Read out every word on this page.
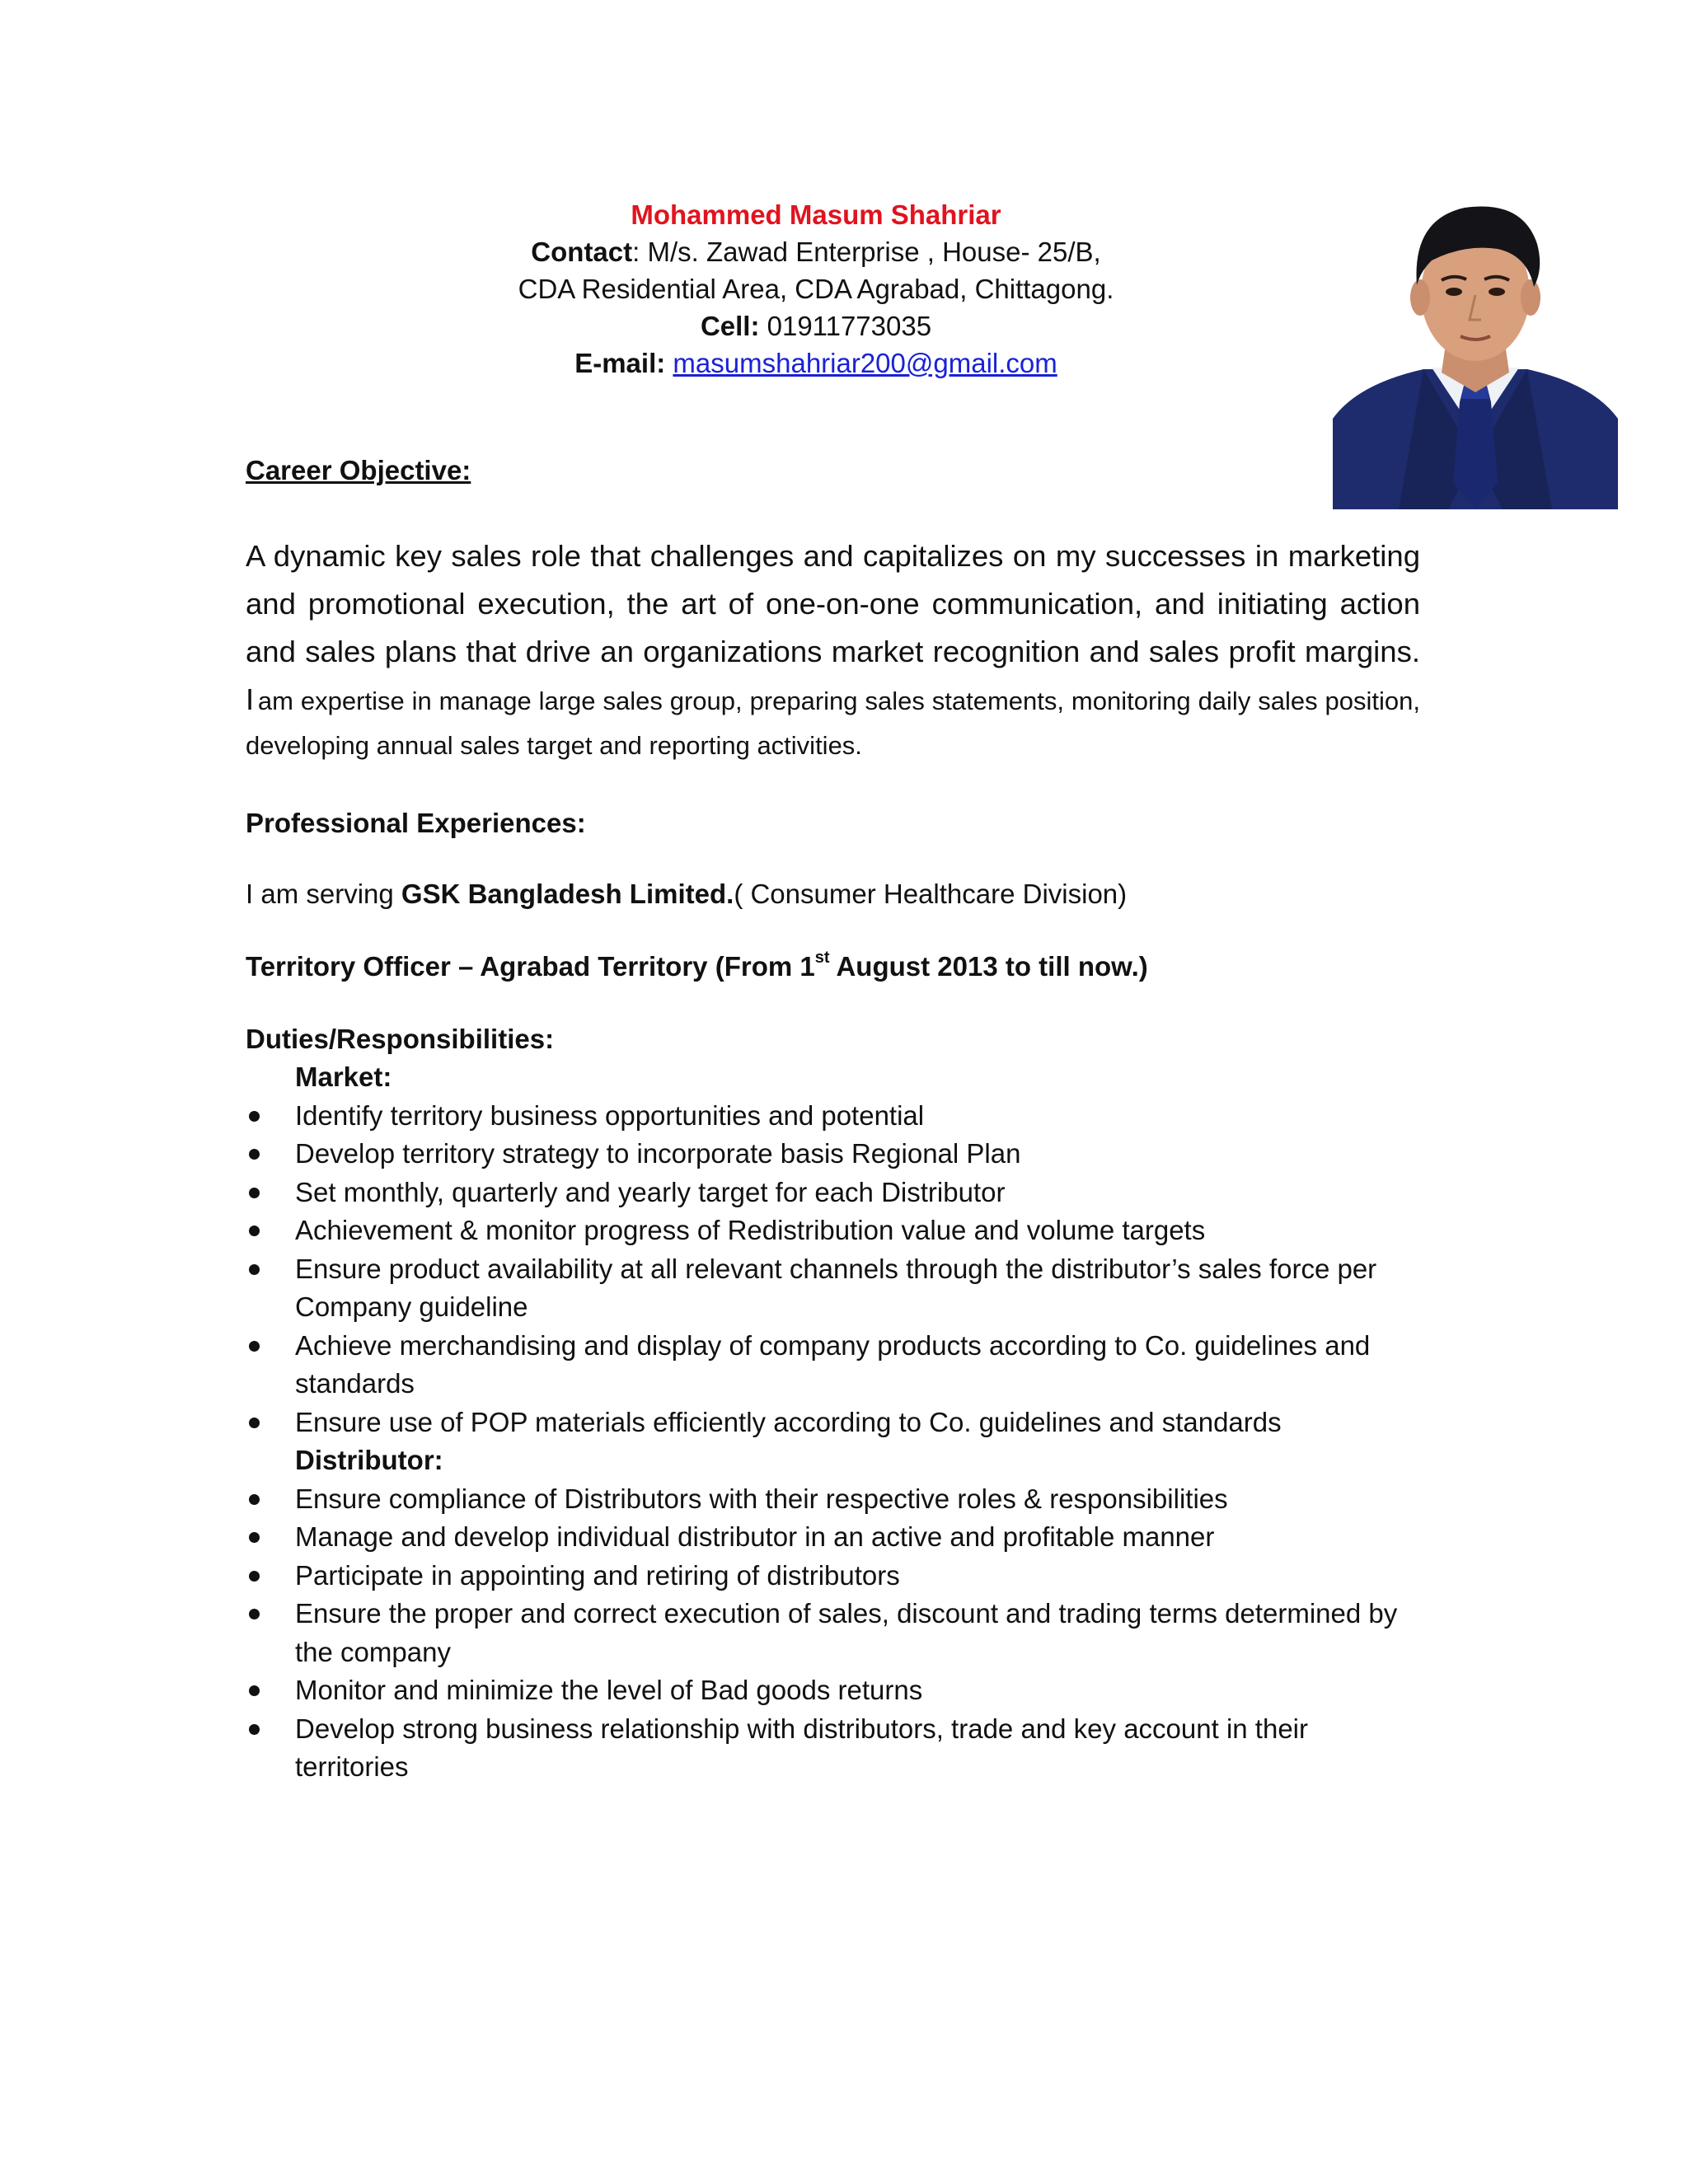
Mohammed Masum Shahriar
Contact: M/s. Zawad Enterprise , House- 25/B,
CDA Residential Area, CDA Agrabad, Chittagong.
Cell: 01911773035
E-mail: masumshahriar200@gmail.com
Career Objective:
A dynamic key sales role that challenges and capitalizes on my successes in marketing and promotional execution, the art of one-on-one communication, and initiating action and sales plans that drive an organizations market recognition and sales profit margins. I am expertise in manage large sales group, preparing sales statements, monitoring daily sales position, developing annual sales target and reporting activities.
Professional Experiences:
I am serving GSK Bangladesh Limited.( Consumer Healthcare Division)
Territory Officer – Agrabad Territory (From 1st August 2013 to till now.)
Duties/Responsibilities:
Market:
Identify territory business opportunities and potential
Develop territory strategy to incorporate basis Regional Plan
Set monthly, quarterly and yearly target for each Distributor
Achievement & monitor progress of Redistribution value and volume targets
Ensure product availability at all relevant channels through the distributor’s sales force per Company guideline
Achieve merchandising and display of company products according to Co. guidelines and standards
Ensure use of POP materials efficiently according to Co. guidelines and standards
Distributor:
Ensure compliance of Distributors with their respective roles & responsibilities
Manage and develop individual distributor in an active and profitable manner
Participate in appointing and retiring of distributors
Ensure the proper and correct execution of sales, discount and trading terms determined by the company
Monitor and minimize the level of Bad goods returns
Develop strong business relationship with distributors, trade and key account in their territories
